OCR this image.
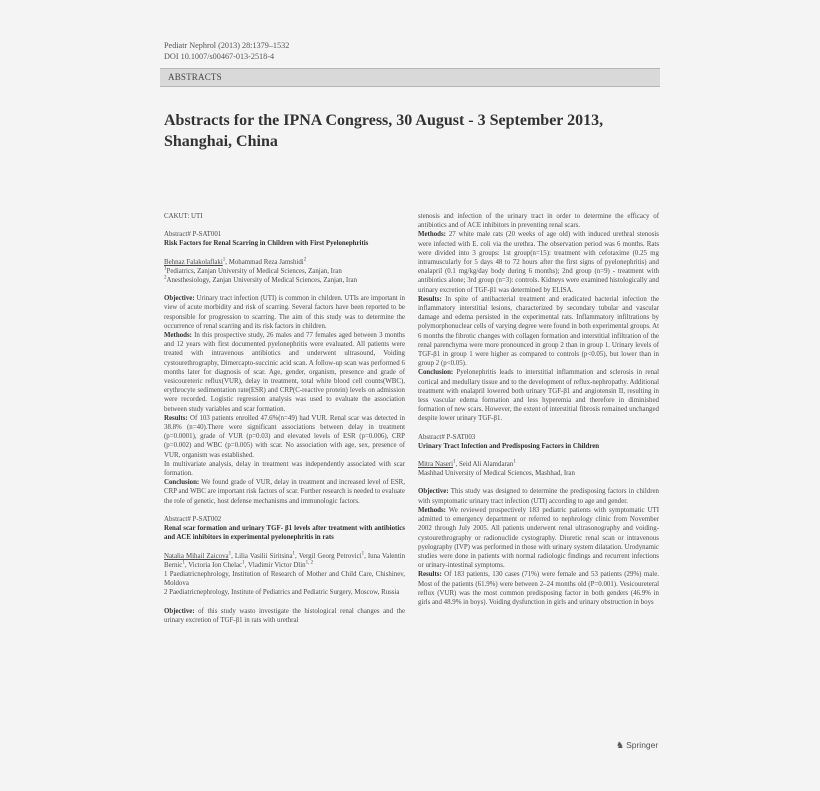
Pediatr Nephrol (2013) 28:1379–1532
DOI 10.1007/s00467-013-2518-4
ABSTRACTS
Abstracts for the IPNA Congress, 30 August - 3 September 2013, Shanghai, China

CAKUT: UTI

Abstract# P-SAT001

Risk Factors for Renal Scarring in Children with First Pyelonephritis

Behnaz Falakolaflaki$^1$, Mohammad Reza Jamshidi$^2$

$^1$Pediatrics, Zanjan University of Medical Sciences, Zanjan, Iran

$^2$Anesthesiology, Zanjan University of Medical Sciences, Zanjan, Iran

Objective: Urinary tract infection (UTI) is common in children. UTIs are important in view of acute morbidity and risk of scarring. Several factors have been reported to be responsible for progression to scarring. The aim of this study was to determine the occurrence of renal scarring and its risk factors in children.

Methods: In this prospective study, 26 males and 77 females aged between 3 months and 12 years with first documented pyelonephritis were evaluated. All patients were treated with intravenous antibiotics and underwent ultrasound, Voiding cystourethrography, Dimercapto-succinic acid scan. A follow-up scan was performed 6 months later for diagnosis of scar. Age, gender, organism, presence and grade of vesicoureteric reflux(VUR), delay in treatment, total white blood cell counts(WBC), erythrocyte sedimentation rate(ESR) and CRP(C-reactive protein) levels on admission were recorded. Logistic regression analysis was used to evaluate the association between study variables and scar formation.

Results: Of 103 patients enrolled 47.6%(n=49) had VUR. Renal scar was detected in 38.8% (n=40).There were significant associations between delay in treatment (p=0.0001), grade of VUR (p=0.03) and elevated levels of ESR (p=0.006), CRP (p=0.002) and WBC (p=0.005) with scar. No association with age, sex, presence of VUR, organism was established.

In multivariate analysis, delay in treatment was independently associated with scar formation.

Conclusion: We found grade of VUR, delay in treatment and increased level of ESR, CRP and WBC are important risk factors of scar. Further research is needed to evaluate the role of genetic, host defense mechanisms and immunologic factors.

Abstract# P-SAT002

Renal scar formation and urinary TGF- β1 levels after treatment with antibiotics and ACE inhibitors in experimental pyelonephritis in rats

Natalia Mihail Zaicova$^1$, Lilia Vasilii Siritsina$^1$, Vergil Georg Petrovici$^1$, Iuna Valentin Bernic$^1$, Victoria Ion Chelac$^1$, Vladimir Victor Dlin$^{1, 2}$

1 Paediatricnephrology, Institution of Research of Mother and Child Care, Chishinev, Moldova

2 Paediatricnephrology, Institute of Pediatrics and Pediatric Surgery, Moscow, Russia

Objective: of this study wasto investigate the histological renal changes and the urinary excretion of TGF-β1 in rats with urethral

stenosis and infection of the urinary tract in order to determine the efficacy of antibiotics and of ACE inhibitors in preventing renal scars.

Methods: 27 white male rats (20 weeks of age old) with induced urethral stenosis were infected with E. coli via the urethra. The observation period was 6 months. Rats were divided into 3 groups: 1st group(n=15): treatment with cefotaxime (0.25 mg intramuscularly for 5 days 48 to 72 hours after the first signs of pyelonephritis) and enalapril (0.1 mg/kg/day body during 6 months); 2nd group (n=9) - treatment with antibiotics alone; 3rd group (n=3): controls. Kidneys were examined histologically and urinary excretion of TGF-β1 was determined by ELISA.

Results: In spite of antibacterial treatment and eradicated bacterial infection the inflammatory interstitial lesions, characterized by secondary tubular and vascular damage and edema persisted in the experimental rats. Inflammatory infiltrations by polymorphonuclear cells of varying degree were found in both experimental groups. At 6 months the fibrotic changes with collagen formation and interstitial infiltration of the renal parenchyma were more pronounced in group 2 than in group 1. Urinary levels of TGF-β1 in group 1 were higher as compared to controls (p<0.05), but lower than in group 2 (p<0.05).

Conclusion: Pyelonephritis leads to interstitial inflammation and sclerosis in renal cortical and medullary tissue and to the development of reflux-nephropathy. Additional treatment with enalapril lowered both urinary TGF-β1 and angiotensin II, resulting in less vascular edema formation and less hyperemia and therefore in diminished formation of new scars. However, the extent of interstitial fibrosis remained unchanged despite lower urinary TGF-β1.

Abstract# P-SAT003

Urinary Tract Infection and Predisposing Factors in Children

Mitra Naseri$^1$, Seid Ali Alamdaran$^1$

Mashhad University of Medical Sciences, Mashhad, Iran

Objective: This study was designed to determine the predisposing factors in children with symptomatic urinary tract infection (UTI) according to age and gender.

Methods: We reviewed prospectively 183 pediatric patients with symptomatic UTI admitted to emergency department or referred to nephrology clinic from November 2002 through July 2005. All patients underwent renal ultrasonography and voiding-cystourethrography or radionuclide cystography. Diuretic renal scan or intravenous pyelography (IVP) was performed in those with urinary system dilatation. Urodynamic studies were done in patients with normal radiologic findings and recurrent infections or urinary-intestinal symptoms.

Results: Of 183 patients, 130 cases (71%) were female and 53 patients (29%) male. Most of the patients (61.9%) were between 2–24 months old (P=0.001). Vesicoureteral reflux (VUR) was the most common predisposing factor in both genders (46.9% in girls and 48.9% in boys). Voiding dysfunction in girls and urinary obstruction in boys

♞ Springer
